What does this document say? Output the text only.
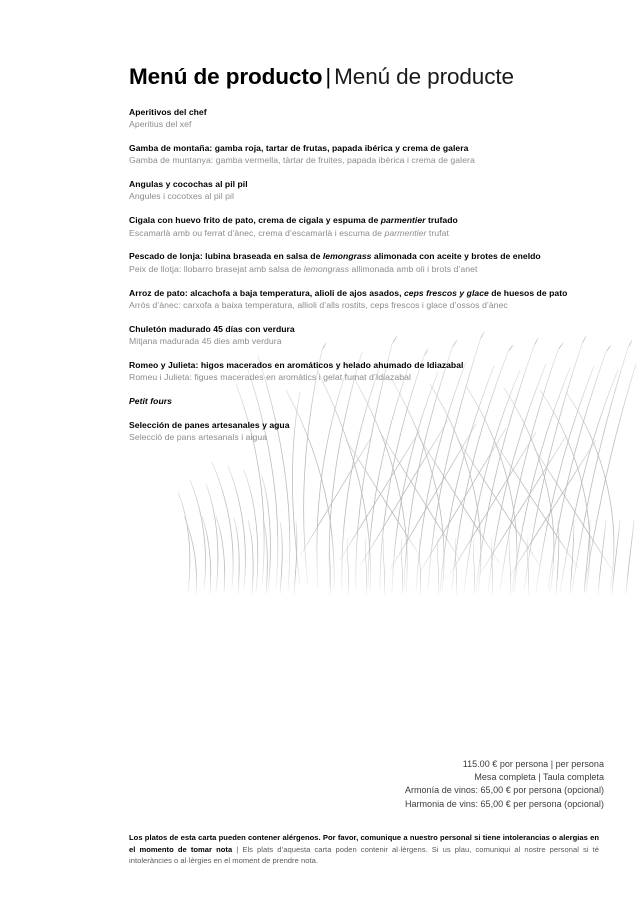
Menú de producto | Menú de producte
Aperitivos del chef
Aperitius del xef
Gamba de montaña: gamba roja, tartar de frutas, papada ibérica y crema de galera
Gamba de muntanya: gamba vermella, tàrtar de fruites, papada ibèrica i crema de galera
Angulas y cocochas al pil pil
Angules i cocotxes al pil pil
Cigala con huevo frito de pato, crema de cigala y espuma de parmentier trufado
Escamarlà amb ou ferrat d’ànec, crema d’escamarlà i escuma de parmentier trufat
Pescado de lonja: lubina braseada en salsa de lemongrass alimonada con aceite y brotes de eneldo
Peix de llotja: llobarro brasejat amb salsa de lemongrass allimonada amb oli i brots d’anet
Arroz de pato: alcachofa a baja temperatura, alioli de ajos asados, ceps frescos y glace de huesos de pato
Arròs d’ànec: carxofa a baixa temperatura, allioli d’alls rostits, ceps frescos i glace d’ossos d’ànec
Chuletón madurado 45 días con verdura
Mitjana madurada 45 dies amb verdura
Romeo y Julieta: higos macerados en aromáticos y helado ahumado de Idiazabal
Romeu i Julieta: figues macerades en aromàtics i gelat fumat d’Idiazabal
Petit fours
Selección de panes artesanales y agua
Selecció de pans artesanals i aigua
115.00 € por persona | per persona
Mesa completa | Taula completa
Armonía de vinos: 65,00 € por persona (opcional)
Harmonia de vins: 65,00 € per persona (opcional)
Los platos de esta carta pueden contener alérgenos. Por favor, comunique a nuestro personal si tiene intolerancias o alergias en el momento de tomar nota | Els plats d’aquesta carta poden contenir al·lèrgens. Si us plau, comuniqui al nostre personal si té intoleràncies o al·lèrgies en el moment de prendre nota.
